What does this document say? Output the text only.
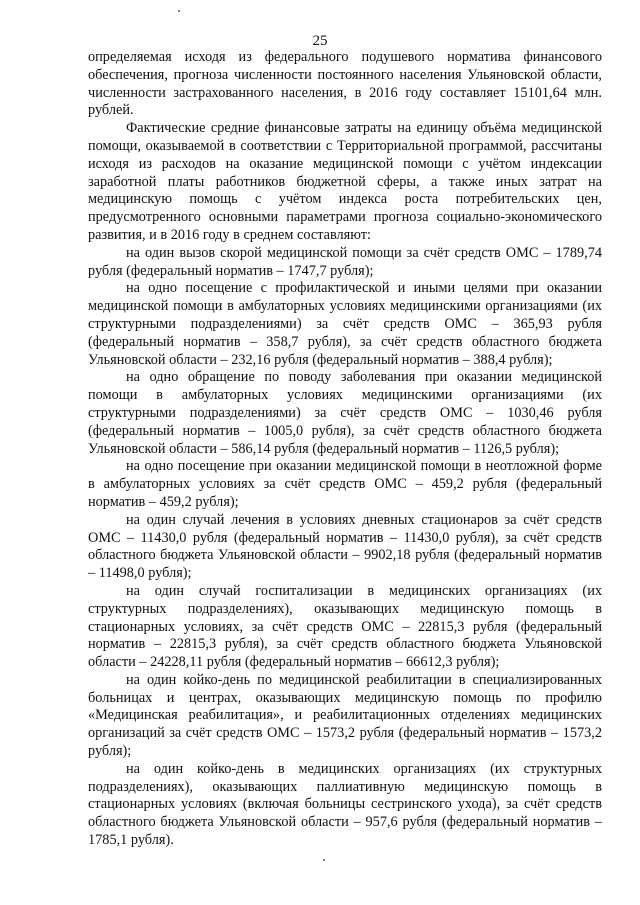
25

определяемая исходя из федерального подушевого норматива финансового обеспечения, прогноза численности постоянного населения Ульяновской области, численности застрахованного населения, в 2016 году составляет 15101,64 млн. рублей.

Фактические средние финансовые затраты на единицу объёма медицинской помощи, оказываемой в соответствии с Территориальной программой, рассчитаны исходя из расходов на оказание медицинской помощи с учётом индексации заработной платы работников бюджетной сферы, а также иных затрат на медицинскую помощь с учётом индекса роста потребительских цен, предусмотренного основными параметрами прогноза социально-экономического развития, и в 2016 году в среднем составляют:

на один вызов скорой медицинской помощи за счёт средств ОМС – 1789,74 рубля (федеральный норматив – 1747,7 рубля);

на одно посещение с профилактической и иными целями при оказании медицинской помощи в амбулаторных условиях медицинскими организациями (их структурными подразделениями) за счёт средств ОМС – 365,93 рубля (федеральный норматив – 358,7 рубля), за счёт средств областного бюджета Ульяновской области – 232,16 рубля (федеральный норматив – 388,4 рубля);

на одно обращение по поводу заболевания при оказании медицинской помощи в амбулаторных условиях медицинскими организациями (их структурными подразделениями) за счёт средств ОМС – 1030,46 рубля (федеральный норматив – 1005,0 рубля), за счёт средств областного бюджета Ульяновской области – 586,14 рубля (федеральный норматив – 1126,5 рубля);

на одно посещение при оказании медицинской помощи в неотложной форме в амбулаторных условиях за счёт средств ОМС – 459,2 рубля (федеральный норматив – 459,2 рубля);

на один случай лечения в условиях дневных стационаров за счёт средств ОМС – 11430,0 рубля (федеральный норматив – 11430,0 рубля), за счёт средств областного бюджета Ульяновской области – 9902,18 рубля (федеральный норматив – 11498,0 рубля);

на один случай госпитализации в медицинских организациях (их структурных подразделениях), оказывающих медицинскую помощь в стационарных условиях, за счёт средств ОМС – 22815,3 рубля (федеральный норматив – 22815,3 рубля), за счёт средств областного бюджета Ульяновской области – 24228,11 рубля (федеральный норматив – 66612,3 рубля);

на один койко-день по медицинской реабилитации в специализированных больницах и центрах, оказывающих медицинскую помощь по профилю «Медицинская реабилитация», и реабилитационных отделениях медицинских организаций за счёт средств ОМС – 1573,2 рубля (федеральный норматив – 1573,2 рубля);

на один койко-день в медицинских организациях (их структурных подразделениях), оказывающих паллиативную медицинскую помощь в стационарных условиях (включая больницы сестринского ухода), за счёт средств областного бюджета Ульяновской области – 957,6 рубля (федеральный норматив – 1785,1 рубля).
